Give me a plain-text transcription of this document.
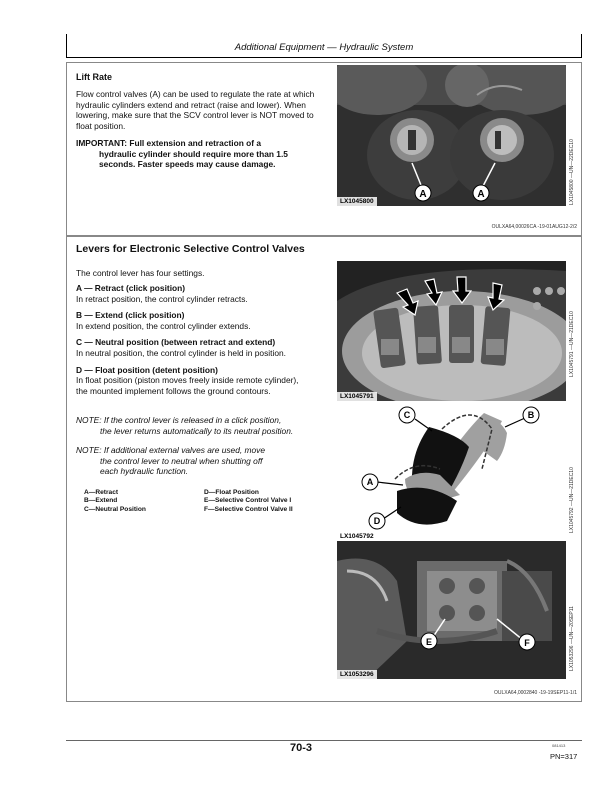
Additional Equipment — Hydraulic System
Lift Rate
Flow control valves (A) can be used to regulate the rate at which hydraulic cylinders extend and retract (raise and lower). When lowering, make sure that the SCV control lever is NOT moved to float position.
IMPORTANT: Full extension and retraction of a
hydraulic cylinder should require more than 1.5
seconds. Faster speeds may cause damage.
A	A
LX1045800	LX1045800 —UN—22DEC10
OULXA64,00026CA -19-01AUG12-2/2
Levers for Electronic Selective Control Valves
The control lever has four settings.
A — Retract (click position)
In retract position, the control cylinder retracts.
B — Extend (click position)
In extend position, the control cylinder extends.
C — Neutral position (between retract and extend)
In neutral position, the control cylinder is held in position.
D — Float position (detent position)
In float position (piston moves freely inside remote cylinder), the mounted implement follows the ground contours.
NOTE: If the control lever is released in a click position,
the lever returns automatically to its neutral position.
NOTE: If additional external valves are used, move
the control lever to neutral when shutting off
each hydraulic function.
A—Retract
B—Extend
C—Neutral Position
D—Float Position
E—Selective Control Valve I
F—Selective Control Valve II
LX1045791
LX1045791 —UN—21DEC10
C	B
A
D
LX1045792
LX1045792 —UN—21DEC10
E	F
LX1053296
LX1053296 —UN—20SEP11
OULXA64,0002840 -19-19SEP11-1/1
70-3	081413
PN=317
